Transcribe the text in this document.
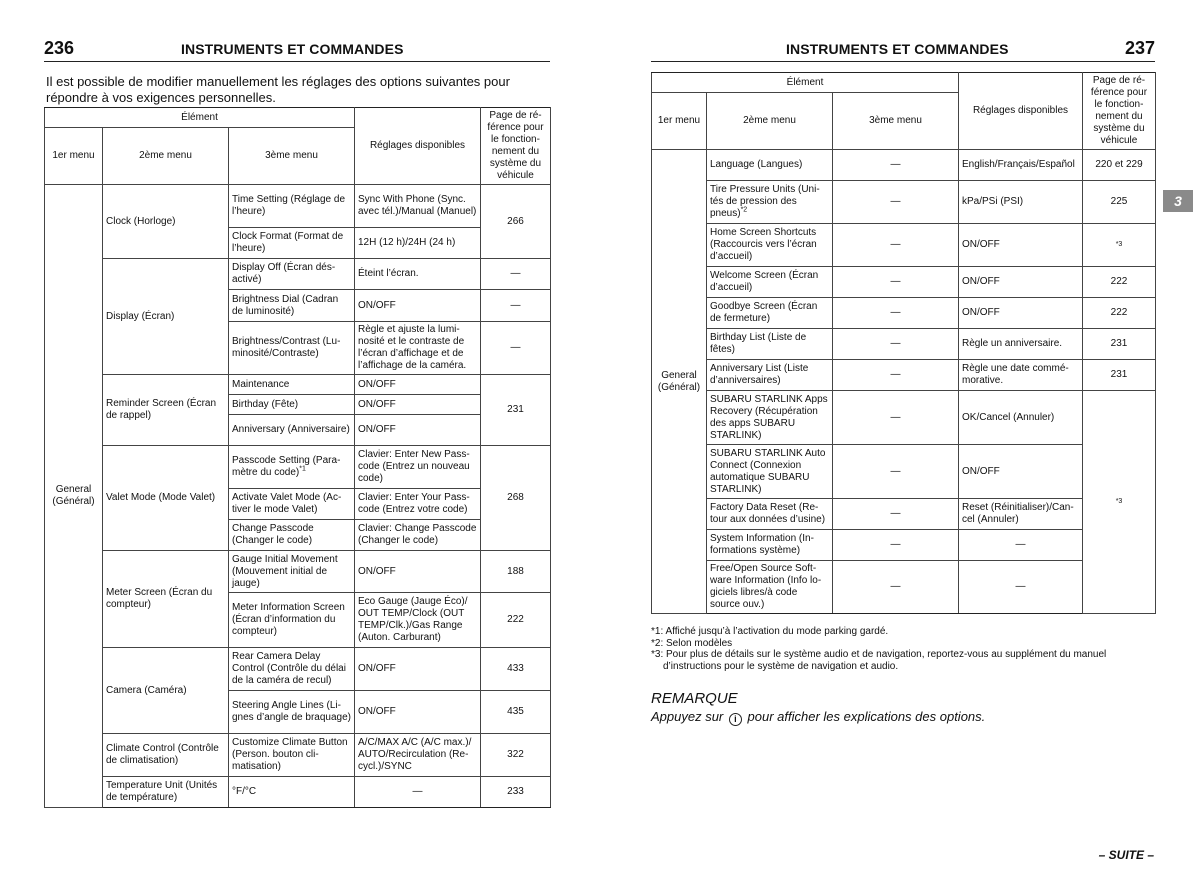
236	INSTRUMENTS ET COMMANDES
Il est possible de modifier manuellement les réglages des options suivantes pour répondre à vos exigences personnelles.
Élément			Réglages disponibles	Page de référence pour le fonctionnement du système du véhicule
1er menu	2ème menu	3ème menu		
General (Général)	Clock (Horloge)	Time Setting (Réglage de l’heure)	Sync With Phone (Sync. avec tél.)/Manual (Manuel)	266
		Clock Format (Format de l’heure)	12H (12 h)/24H (24 h)	
	Display (Écran)	Display Off (Écran désactivé)	Éteint l’écran.	—
		Brightness Dial (Cadran de luminosité)	ON/OFF	—
		Brightness/Contrast (Luminosité/Contraste)	Règle et ajuste la luminosité et le contraste de l’écran d’affichage et de l’affichage de la caméra.	—
	Reminder Screen (Écran de rappel)	Maintenance	ON/OFF	231
		Birthday (Fête)	ON/OFF	
		Anniversary (Anniversaire)	ON/OFF	
	Valet Mode (Mode Valet)	Passcode Setting (Paramètre du code)$^{*1}$	Clavier: Enter New Passcode (Entrez un nouveau code)	268
		Activate Valet Mode (Activer le mode Valet)	Clavier: Enter Your Passcode (Entrez votre code)	
		Change Passcode (Changer le code)	Clavier: Change Passcode (Changer le code)	
	Meter Screen (Écran du compteur)	Gauge Initial Movement (Mouvement initial de jauge)	ON/OFF	188
		Meter Information Screen (Écran d’information du compteur)	Eco Gauge (Jauge Éco)/ OUT TEMP/Clock (OUT TEMP/Clk.)/Gas Range (Auton. Carburant)	222
	Camera (Caméra)	Rear Camera Delay Control (Contrôle du délai de la caméra de recul)	ON/OFF	433
		Steering Angle Lines (Lignes d’angle de braquage)	ON/OFF	435
	Climate Control (Contrôle de climatisation)	Customize Climate Button (Person. bouton climatisation)	A/C/MAX A/C (A/C max.)/ AUTO/Recirculation (Recycl.)/SYNC	322
	Temperature Unit (Unités de température)	°F/°C	—	233
INSTRUMENTS ET COMMANDES	237
Élément			Réglages disponibles	Page de référence pour le fonctionnement du système du véhicule
1er menu	2ème menu	3ème menu		
General (Général)	Language (Langues)	—	English/Français/Español	220 et 229
	Tire Pressure Units (Unités de pression des pneus)$^{*2}$	—	kPa/PSi (PSI)	225
	Home Screen Shortcuts (Raccourcis vers l’écran d’accueil)	—	ON/OFF	*3
	Welcome Screen (Écran d’accueil)	—	ON/OFF	222
	Goodbye Screen (Écran de fermeture)	—	ON/OFF	222
	Birthday List (Liste de fêtes)	—	Règle un anniversaire.	231
	Anniversary List (Liste d’anniversaires)	—	Règle une date commémorative.	231
	SUBARU STARLINK Apps Recovery (Récupération des apps SUBARU STARLINK)	—	OK/Cancel (Annuler)	*3
	SUBARU STARLINK Auto Connect (Connexion automatique SUBARU STARLINK)	—	ON/OFF	
	Factory Data Reset (Retour aux données d’usine)	—	Reset (Réinitialiser)/Cancel (Annuler)	
	System Information (Informations système)	—	—	
	Free/Open Source Software Information (Info logiciels libres/à code source ouv.)	—	—	

*1: Affiché jusqu’à l’activation du mode parking gardé.

*2: Selon modèles

*3: Pour plus de détails sur le système audio et de navigation, reportez-vous au supplément du manuel d’instructions pour le système de navigation et audio.

REMARQUE
Appuyez sur i pour afficher les explications des options.
3
– SUITE –
